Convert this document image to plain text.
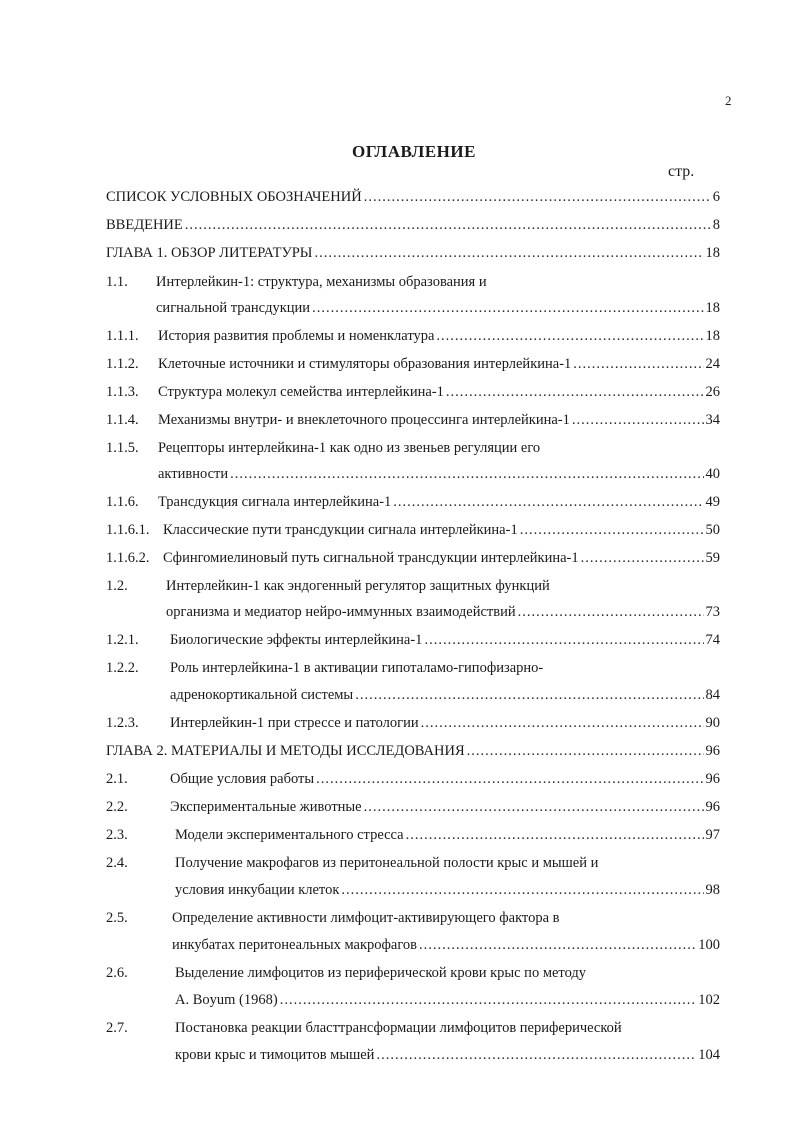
2
ОГЛАВЛЕНИЕ
стр.
СПИСОК УСЛОВНЫХ ОБОЗНАЧЕНИЙ .....	6
ВВЕДЕНИЕ .....	8
ГЛАВА 1. ОБЗОР ЛИТЕРАТУРЫ .....	18
1.1. Интерлейкин-1: структура, механизмы образования и
сигнальной трансдукции .....	18
1.1.1. История развития проблемы и номенклатура .....	18
1.1.2. Клеточные источники и стимуляторы образования интерлейкина-1 .....	24
1.1.3. Структура молекул семейства интерлейкина-1 .....	26
1.1.4. Механизмы внутри- и внеклеточного процессинга интерлейкина-1 .....	34
1.1.5. Рецепторы интерлейкина-1 как одно из звеньев регуляции его
активности .....	40
1.1.6. Трансдукция сигнала интерлейкина-1 .....	49
1.1.6.1. Классические пути трансдукции сигнала интерлейкина-1 .....	50
1.1.6.2. Сфингомиелиновый путь сигнальной трансдукции интерлейкина-1 .....	59
1.2.	Интерлейкин-1 как эндогенный регулятор защитных функций
организма и медиатор нейро-иммунных взаимодействий .....	73
1.2.1. Биологические эффекты интерлейкина-1 .....	74
1.2.2. Роль интерлейкина-1 в активации гипоталамо-гипофизарно-
адренокортикальной системы .....	84
1.2.3. Интерлейкин-1 при стрессе и патологии .....	90
ГЛАВА 2. МАТЕРИАЛЫ И МЕТОДЫ ИССЛЕДОВАНИЯ .....	96
2.1.	Общие условия работы .....	96
2.2.	Экспериментальные животные .....	96
2.3.	Модели экспериментального стресса .....	97
2.4.	Получение макрофагов из перитонеальной полости крыс и мышей и
условия инкубации клеток .....	98
2.5.	Определение активности лимфоцит-активирующего фактора в
инкубатах перитонеальных макрофагов .....	100
2.6.	Выделение лимфоцитов из периферической крови крыс по методу
A. Boyum (1968) .....	102
2.7.	Постановка реакции бласттрансформации лимфоцитов периферической
крови крыс и тимоцитов мышей .....	104
